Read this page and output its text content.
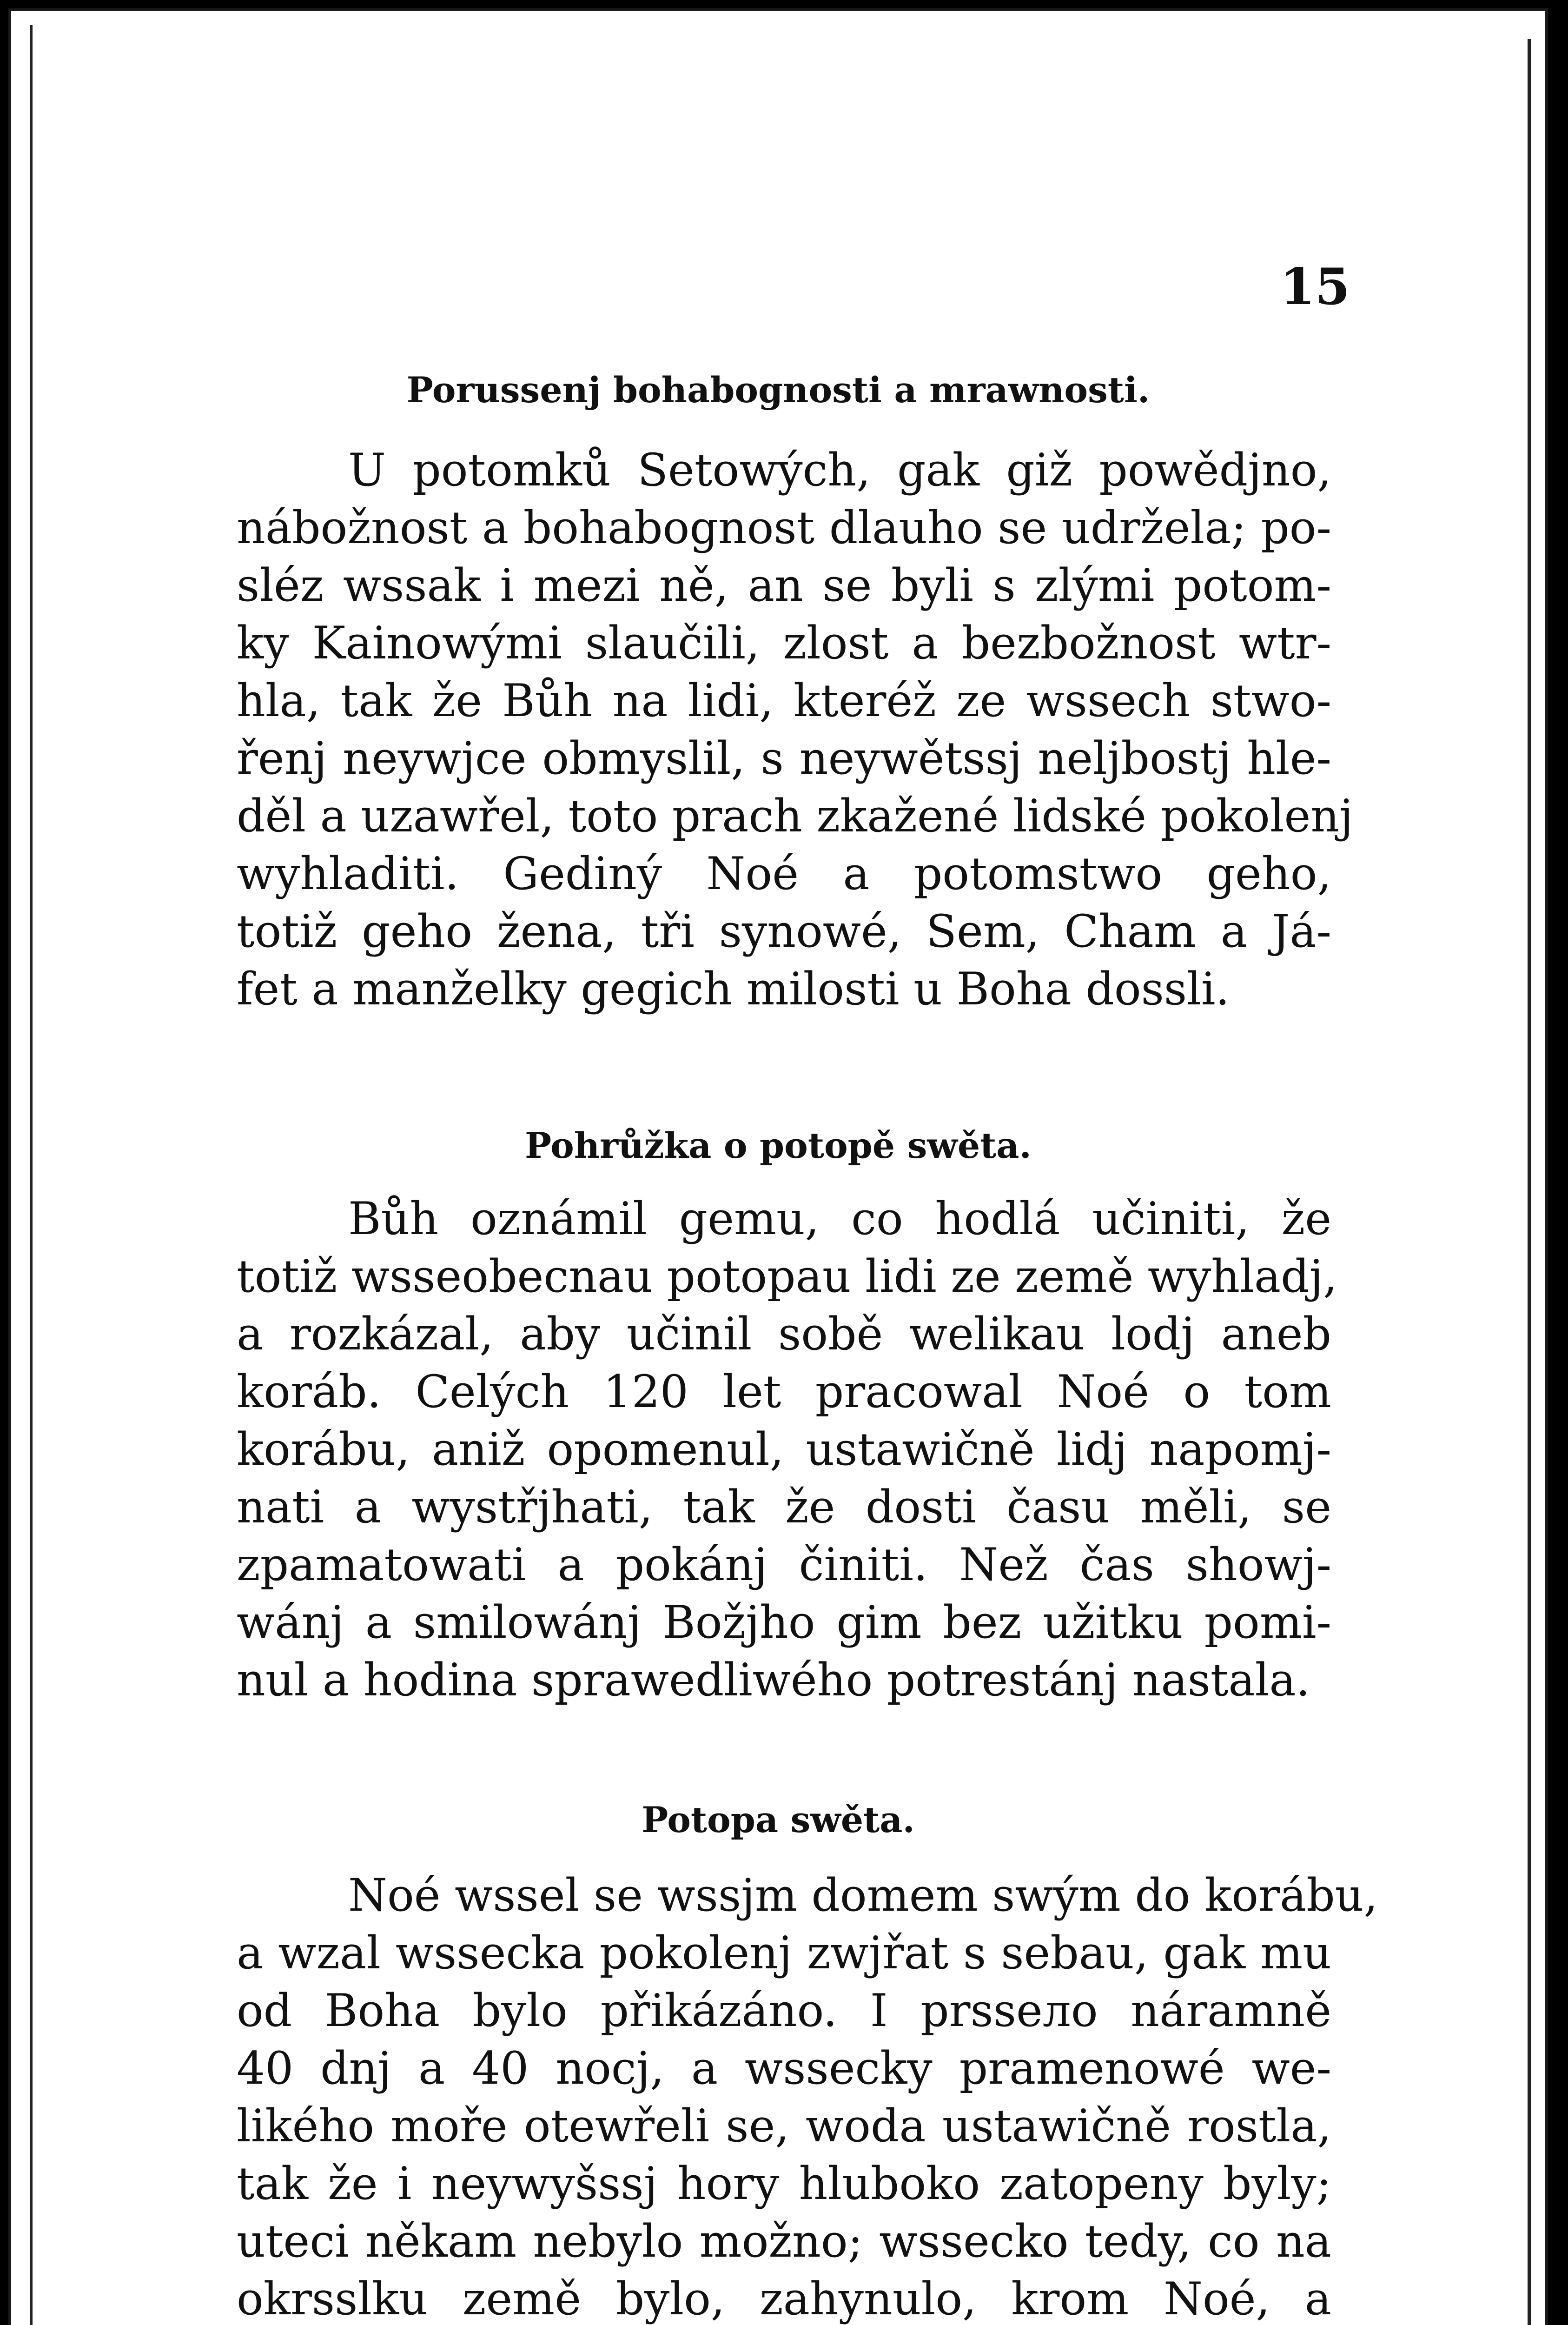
15
Porussenj bohabognosti a mrawnosti.
U potomků Setowých, gak giž powědjno,
nábožnost a bohabognost dlauho se udržela; po-
sléz wssak i mezi ně, an se byli s zlými potom-
ky Kainowými slaučili, zlost a bezbožnost wtr-
hla, tak že Bůh na lidi, kteréž ze wssech stwo-
řenj neywjce obmyslil, s neywětssj neljbostj hle-
děl a uzawřel, toto prach zkažené lidské pokolenj
wyhladiti. Gediný Noé a potomstwo geho,
totiž geho žena, tři synowé, Sem, Cham a Já-
fet a manželky gegich milosti u Boha dossli.
Pohrůžka o potopě swěta.
Bůh oznámil gemu, co hodlá učiniti, že
totiž wsseobecnau potopau lidi ze země wyhladj,
a rozkázal, aby učinil sobě welikau lodj aneb
koráb. Celých 120 let pracowal Noé o tom
korábu, aniž opomenul, ustawičně lidj napomj-
nati a wystřjhati, tak že dosti času měli, se
zpamatowati a pokánj činiti. Než čas showj-
wánj a smilowánj Božjho gim bez užitku pomi-
nul a hodina sprawedliwého potrestánj nastala.
Potopa swěta.
Noé wssel se wssjm domem swým do korábu,
a wzal wssecka pokolenj zwjřat s sebau, gak mu
od Boha bylo přikázáno. I prssело náramně
40 dnj a 40 nocj, a wssecky pramenowé we-
likého moře otewřeli se, woda ustawičně rostla,
tak že i neywyšssj hory hluboko zatopeny byly;
uteci někam nebylo možno; wssecko tedy, co na
okrsslku země bylo, zahynulo, krom Noé, a
